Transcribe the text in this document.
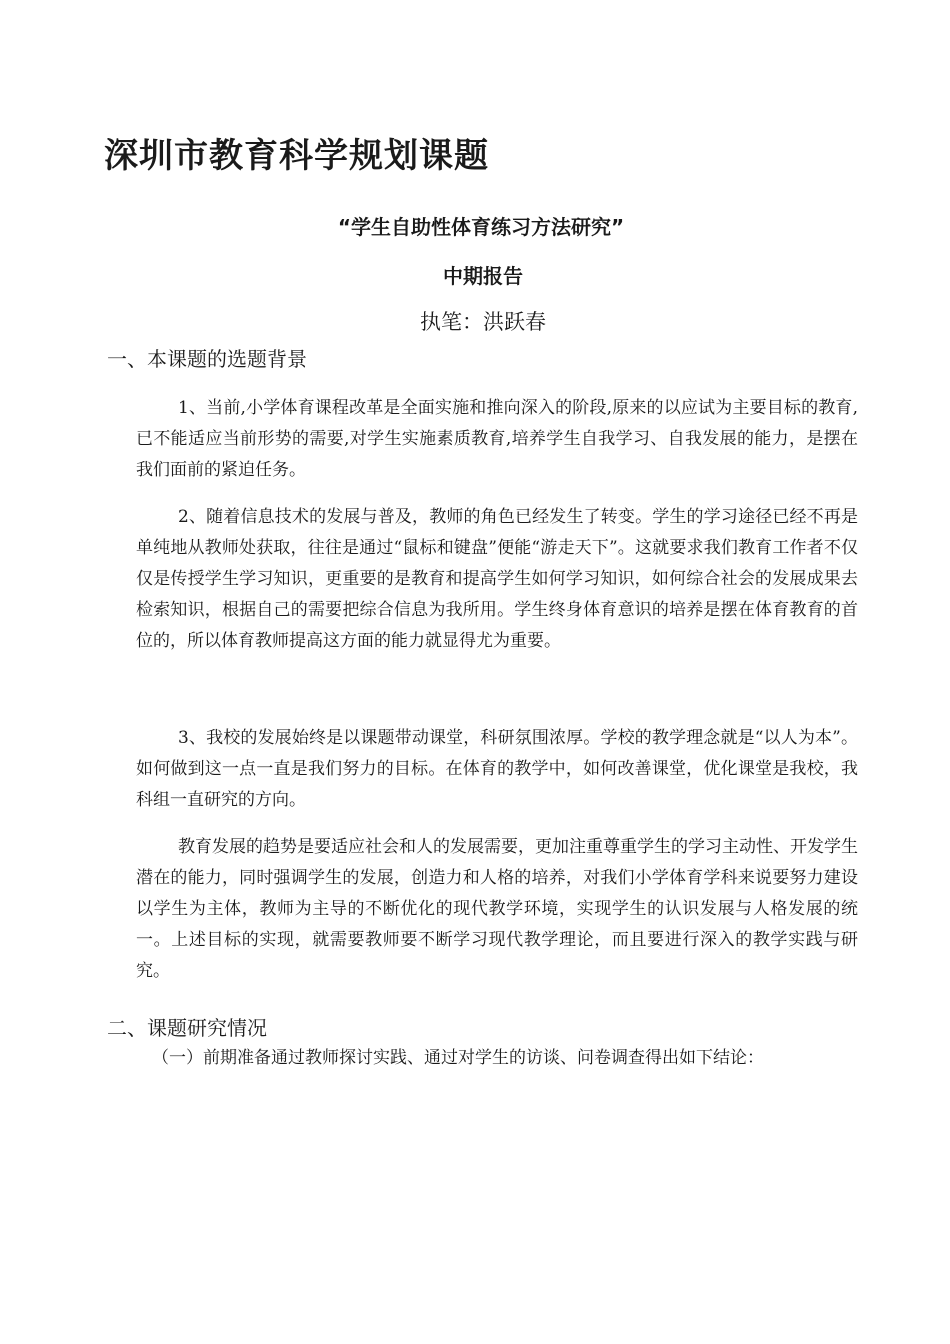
深圳市教育科学规划课题
“学生自助性体育练习方法研究”
中期报告
执笔：洪跃春
一、本课题的选题背景
1、当前,小学体育课程改革是全面实施和推向深入的阶段,原来的以应试为主要目标的教育,已不能适应当前形势的需要,对学生实施素质教育,培养学生自我学习、自我发展的能力，是摆在我们面前的紧迫任务。
2、随着信息技术的发展与普及，教师的角色已经发生了转变。学生的学习途径已经不再是单纯地从教师处获取，往往是通过“鼠标和键盘”便能“游走天下”。这就要求我们教育工作者不仅仅是传授学生学习知识，更重要的是教育和提高学生如何学习知识，如何综合社会的发展成果去检索知识，根据自己的需要把综合信息为我所用。学生终身体育意识的培养是摆在体育教育的首位的，所以体育教师提高这方面的能力就显得尤为重要。
3、我校的发展始终是以课题带动课堂，科研氛围浓厚。学校的教学理念就是“以人为本”。如何做到这一点一直是我们努力的目标。在体育的教学中，如何改善课堂，优化课堂是我校，我科组一直研究的方向。
教育发展的趋势是要适应社会和人的发展需要，更加注重尊重学生的学习主动性、开发学生潜在的能力，同时强调学生的发展，创造力和人格的培养，对我们小学体育学科来说要努力建设以学生为主体，教师为主导的不断优化的现代教学环境，实现学生的认识发展与人格发展的统一。上述目标的实现，就需要教师要不断学习现代教学理论，而且要进行深入的教学实践与研究。
二、课题研究情况
（一）前期准备通过教师探讨实践、通过对学生的访谈、问卷调查得出如下结论：
